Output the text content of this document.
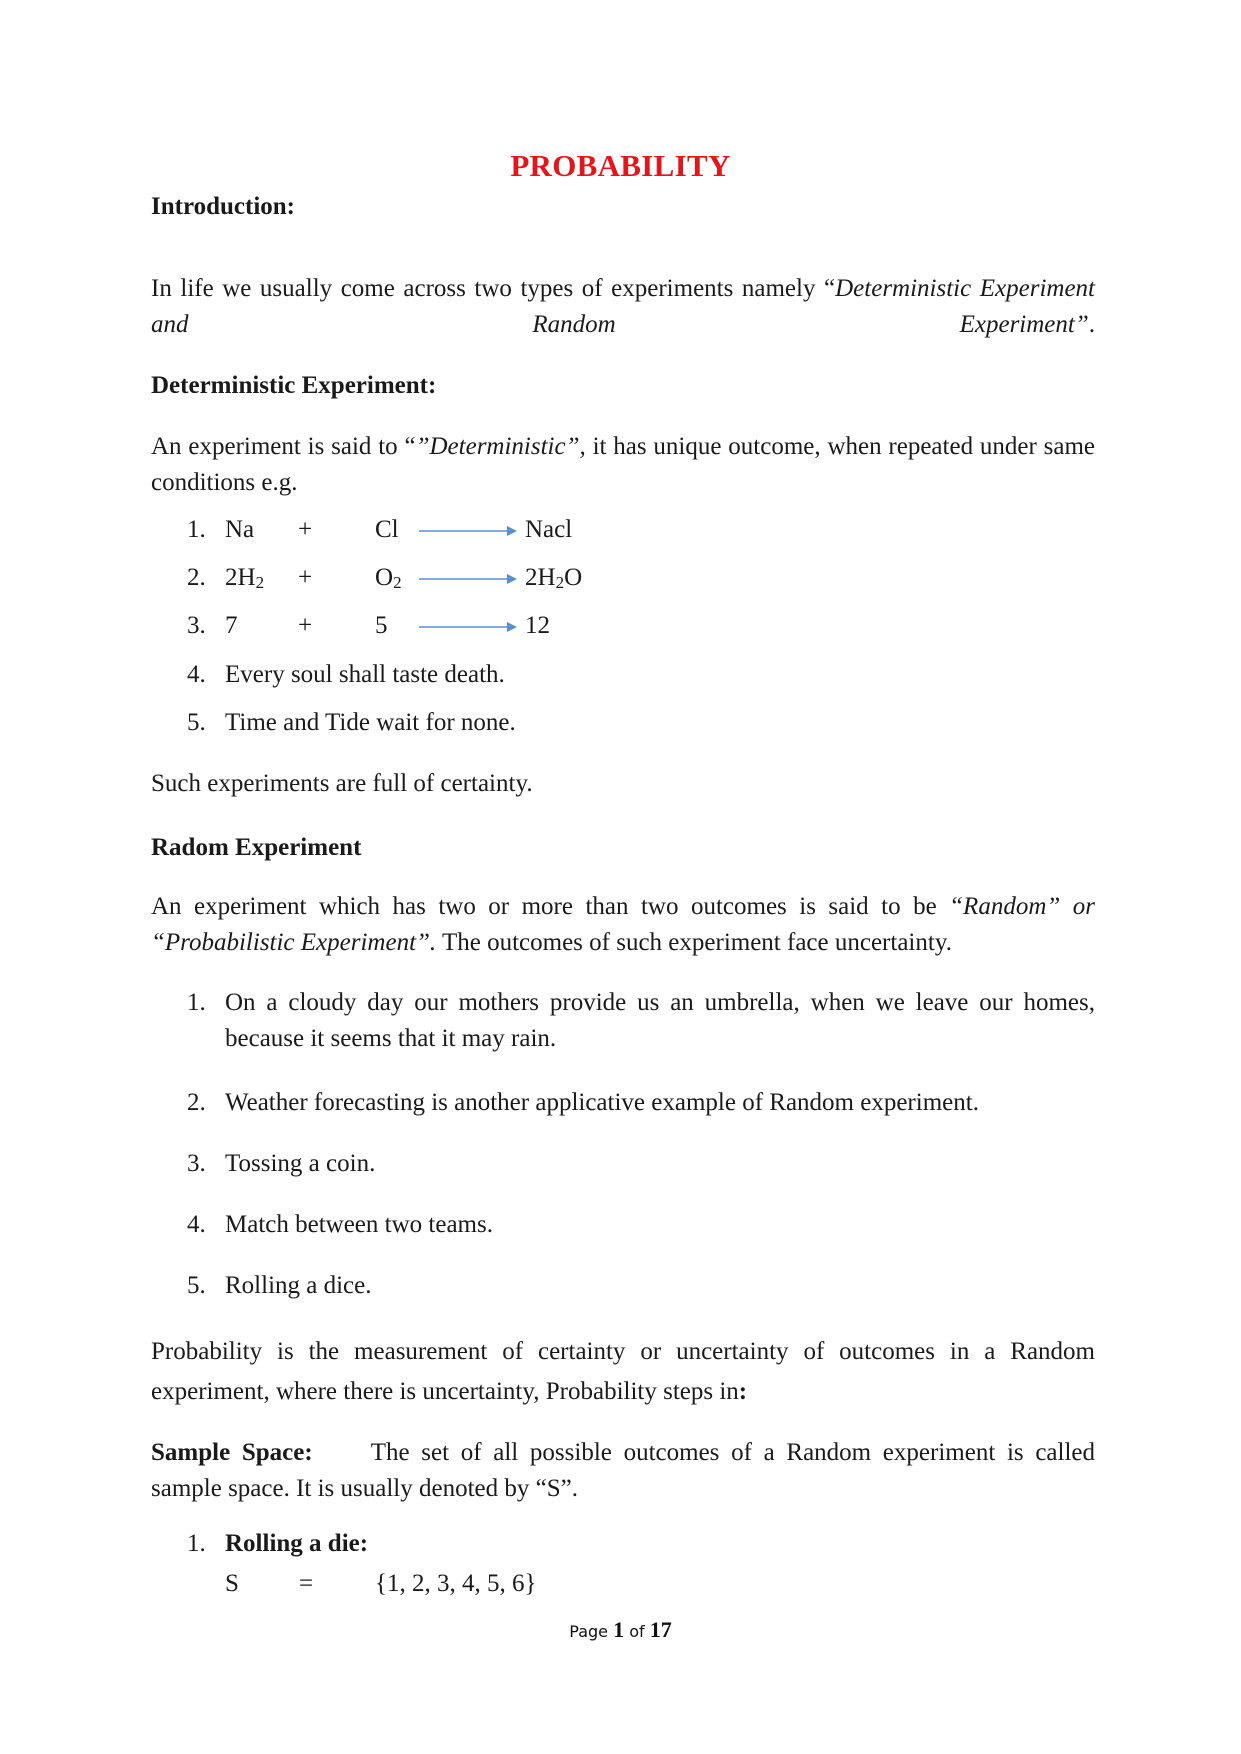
PROBABILITY
Introduction:
In life we usually come across two types of experiments namely “Deterministic Experiment and Random Experiment”.
Deterministic Experiment:
An experiment is said to “”Deterministic”, it has unique outcome, when repeated under same conditions e.g.
1. Na +	Cl	Nacl
2. $2H_2$ +	$O_2$	$2H_2O$
3. 7 +	5	12
4. Every soul shall taste death.
5. Time and Tide wait for none.
Such experiments are full of certainty.
Radom Experiment
An experiment which has two or more than two outcomes is said to be “Random” or “Probabilistic Experiment”. The outcomes of such experiment face uncertainty.
1. On a cloudy day our mothers provide us an umbrella, when we leave our homes, because it seems that it may rain.
2. Weather forecasting is another applicative example of Random experiment.
3. Tossing a coin.
4. Match between two teams.
5. Rolling a dice.
Probability is the measurement of certainty or uncertainty of outcomes in a Random experiment, where there is uncertainty, Probability steps in:
Sample Space: The set of all possible outcomes of a Random experiment is called sample space. It is usually denoted by “S”.
1. Rolling a die:
S = {1, 2, 3, 4, 5, 6}
Page 1 of 17
